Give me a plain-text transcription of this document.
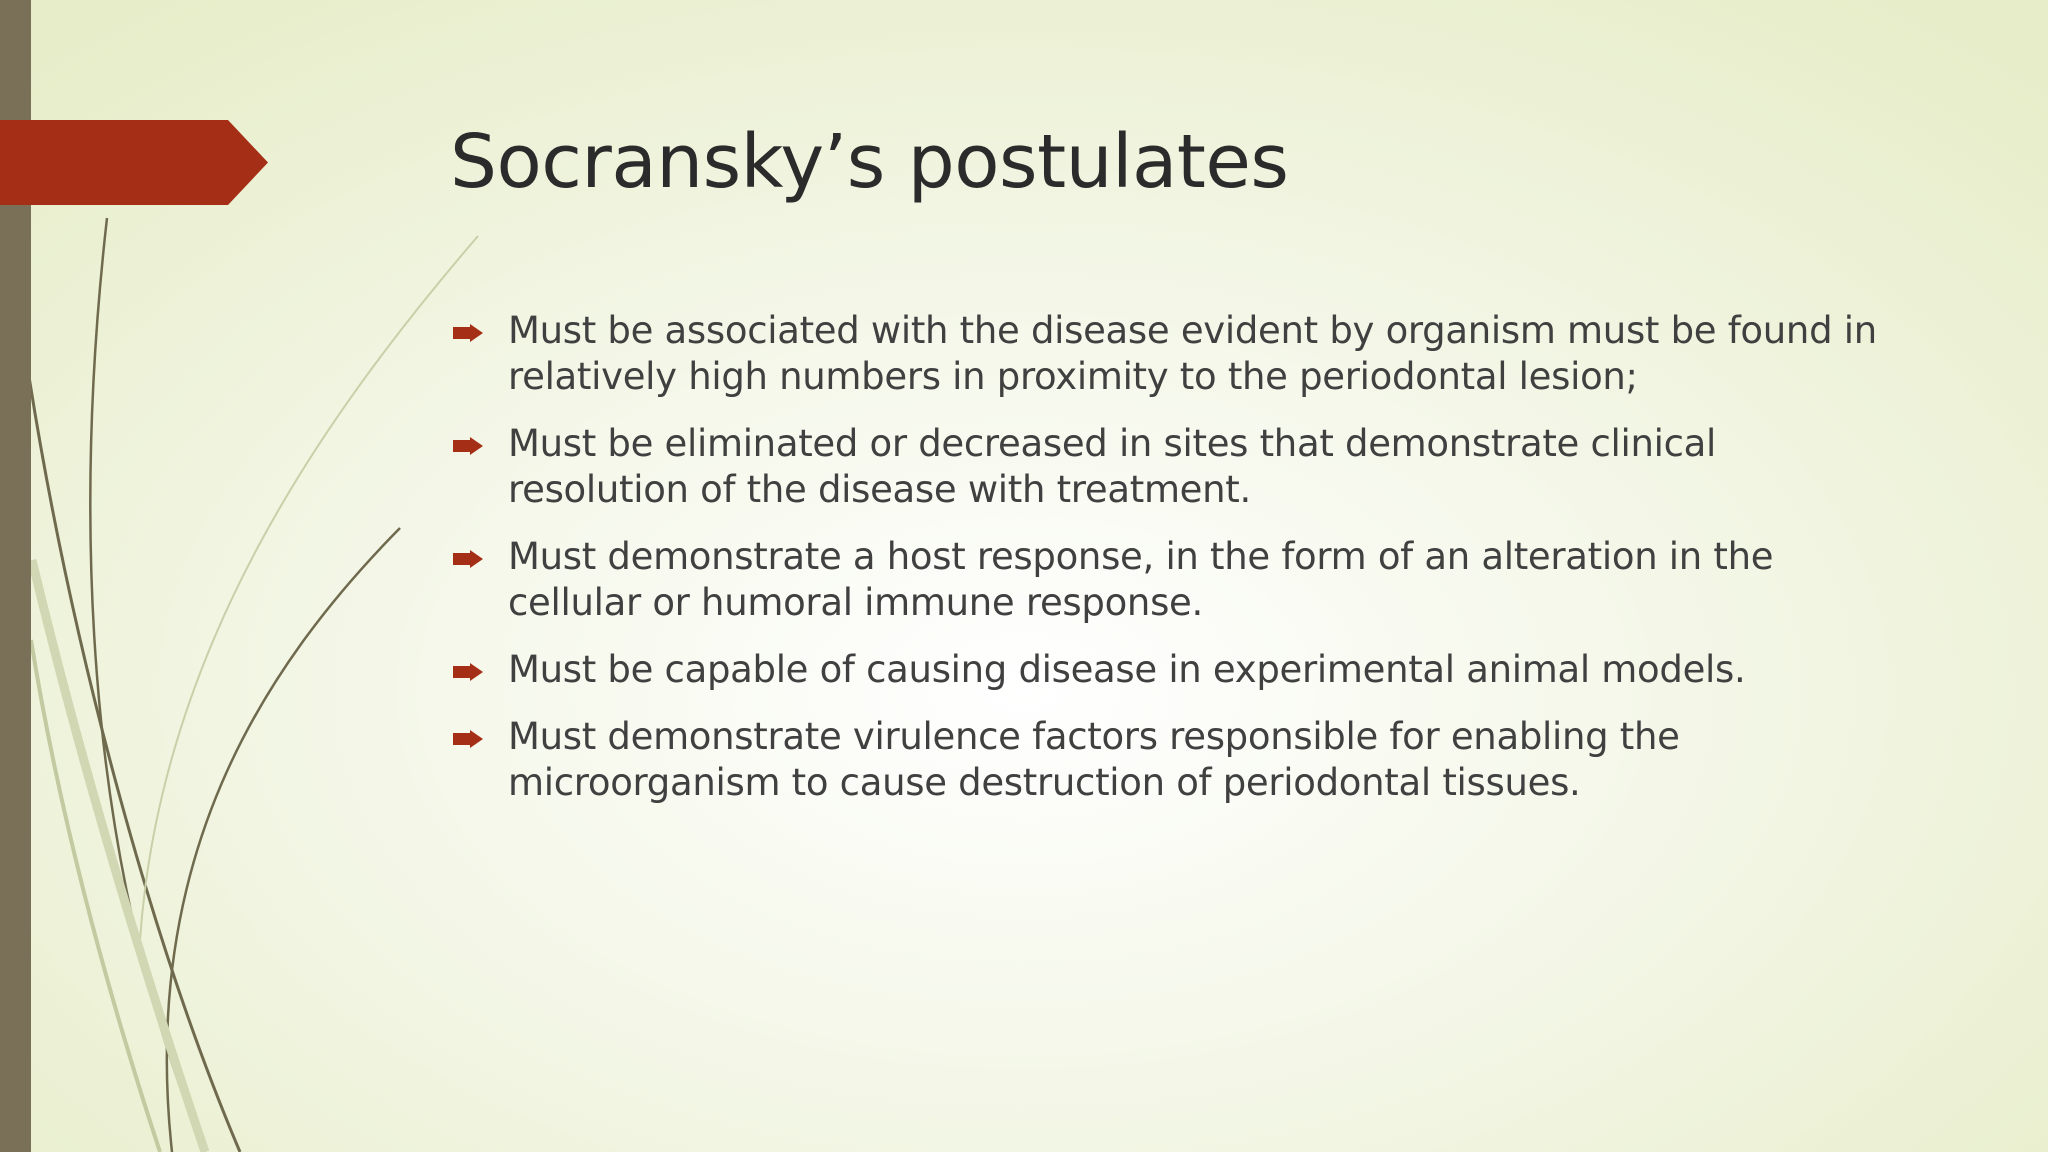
Socransky’s postulates
Must be associated with the disease evident by organism must be found in
relatively high numbers in proximity to the periodontal lesion;
Must be eliminated or decreased in sites that demonstrate clinical
resolution of the disease with treatment.
Must demonstrate a host response, in the form of an alteration in the
cellular or humoral immune response.
Must be capable of causing disease in experimental animal models.
Must demonstrate virulence factors responsible for enabling the
microorganism to cause destruction of periodontal tissues.
